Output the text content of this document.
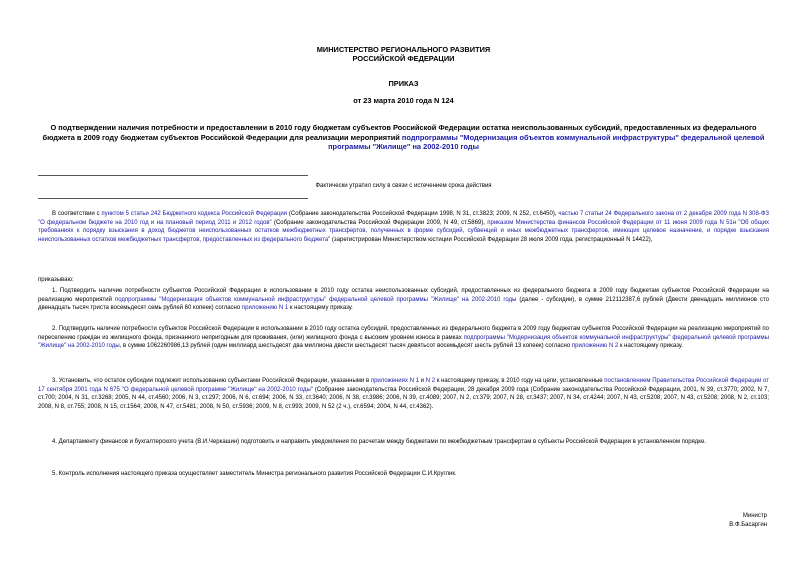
МИНИСТЕРСТВО РЕГИОНАЛЬНОГО РАЗВИТИЯ
РОССИЙСКОЙ ФЕДЕРАЦИИ
ПРИКАЗ
от 23 марта 2010 года N 124
О подтверждении наличия потребности и предоставлении в 2010 году бюджетам субъектов Российской Федерации остатка неиспользованных субсидий, предоставленных из федерального бюджета в 2009 году бюджетам субъектов Российской Федерации для реализации мероприятий подпрограммы "Модернизация объектов коммунальной инфраструктуры" федеральной целевой программы "Жилище" на 2002-2010 годы
Фактически утратил силу в связи с истечением срока действия

В соответствии с пунктом 5 статьи 242 Бюджетного кодекса Российской Федерации (Собрание законодательства Российской Федерации 1998, N 31, ст.3823; 2009, N 252, ст.6450), частью 7 статьи 24 Федерального закона от 2 декабря 2009 года N 308-ФЗ "О федеральном бюджете на 2010 год и на плановый период 2011 и 2012 годов" (Собрание законодательства Российской Федерации 2009, N 49, ст.5869), приказом Министерства финансов Российской Федерации от 11 июня 2009 года N 51н "Об общих требованиях к порядку взыскания в доход бюджетов неиспользованных остатков межбюджетных трансфертов, полученных в форме субсидий, субвенций и иных межбюджетных трансфертов, имеющих целевое назначение, и порядке взыскания неиспользованных остатков межбюджетных трансфертов, предоставленных из федерального бюджета" (зарегистрирован Министерством юстиции Российской Федерации 28 июля 2009 года, регистрационный N 14422),

приказываю:

1. Подтвердить наличие потребности субъектов Российской Федерации в использовании в 2010 году остатка неиспользованных субсидий, предоставленных из федерального бюджета в 2009 году бюджетам субъектов Российской Федерации на реализацию мероприятий подпрограммы "Модернизация объектов коммунальной инфраструктуры" федеральной целевой программы "Жилище" на 2002-2010 годы (далее - субсидии), в сумме 212112387,6 рублей (Двести двенадцать миллионов сто двенадцать тысяч триста восемьдесят семь рублей 60 копеек) согласно приложению N 1 к настоящему приказу.

2. Подтвердить наличие потребности субъектов Российской Федерации в использовании в 2010 году остатка субсидий, предоставленных из федерального бюджета в 2009 году бюджетам субъектов Российской Федерации на реализацию мероприятий по переселению граждан из жилищного фонда, признанного непригодным для проживания, (или) жилищного фонда с высоким уровнем износа в рамках подпрограммы "Модернизация объектов коммунальной инфраструктуры" федеральной целевой программы "Жилище" на 2002-2010 годы, в сумме 1062260986,13 рублей (один миллиард шестьдесят два миллиона двести шестьдесят тысяч девятьсот восемьдесят шесть рублей 13 копеек) согласно приложению N 2 к настоящему приказу.

3. Установить, что остаток субсидии подлежит использованию субъектами Российской Федерации, указанными в приложениях N 1 и N 2 к настоящему приказу, в 2010 году на цели, установленные постановлением Правительства Российской Федерации от 17 сентября 2001 года N 675 "О федеральной целевой программе "Жилище" на 2002-2010 годы" (Собрание законодательства Российской Федерации, 28 декабря 2009 года (Собрание законодательства Российской Федерации, 2001, N 39, ст.3770; 2002, N 7, ст.700; 2004, N 31, ст.3268; 2005, N 44, ст.4560; 2006, N 3, ст.297; 2006, N 6, ст.694; 2006, N 33, ст.3640; 2006, N 38, ст.3986; 2006, N 39, ст.4089; 2007, N 2, ст.379; 2007, N 28, ст.3437; 2007, N 34, ст.4244; 2007, N 43, ст.5208; 2007, N 43, ст.5208; 2008, N 2, ст.103; 2008, N 8, ст.755; 2008, N 15, ст.1564; 2008, N 47, ст.5481; 2008, N 50, ст.5936; 2009, N 8, ст.993; 2009, N 52 (2 ч.), ст.6594; 2004, N 44, ст.4362).

4. Департаменту финансов и бухгалтерского учета (В.И.Черкашин) подготовить и направить уведомления по расчетам между бюджетами по межбюджетным трансфертам в субъекты Российской Федерации в установленном порядке.

5. Контроль исполнения настоящего приказа осуществляет заместитель Министра регионального развития Российской Федерации С.И.Круглик.

Министр
В.Ф.Басаргин
